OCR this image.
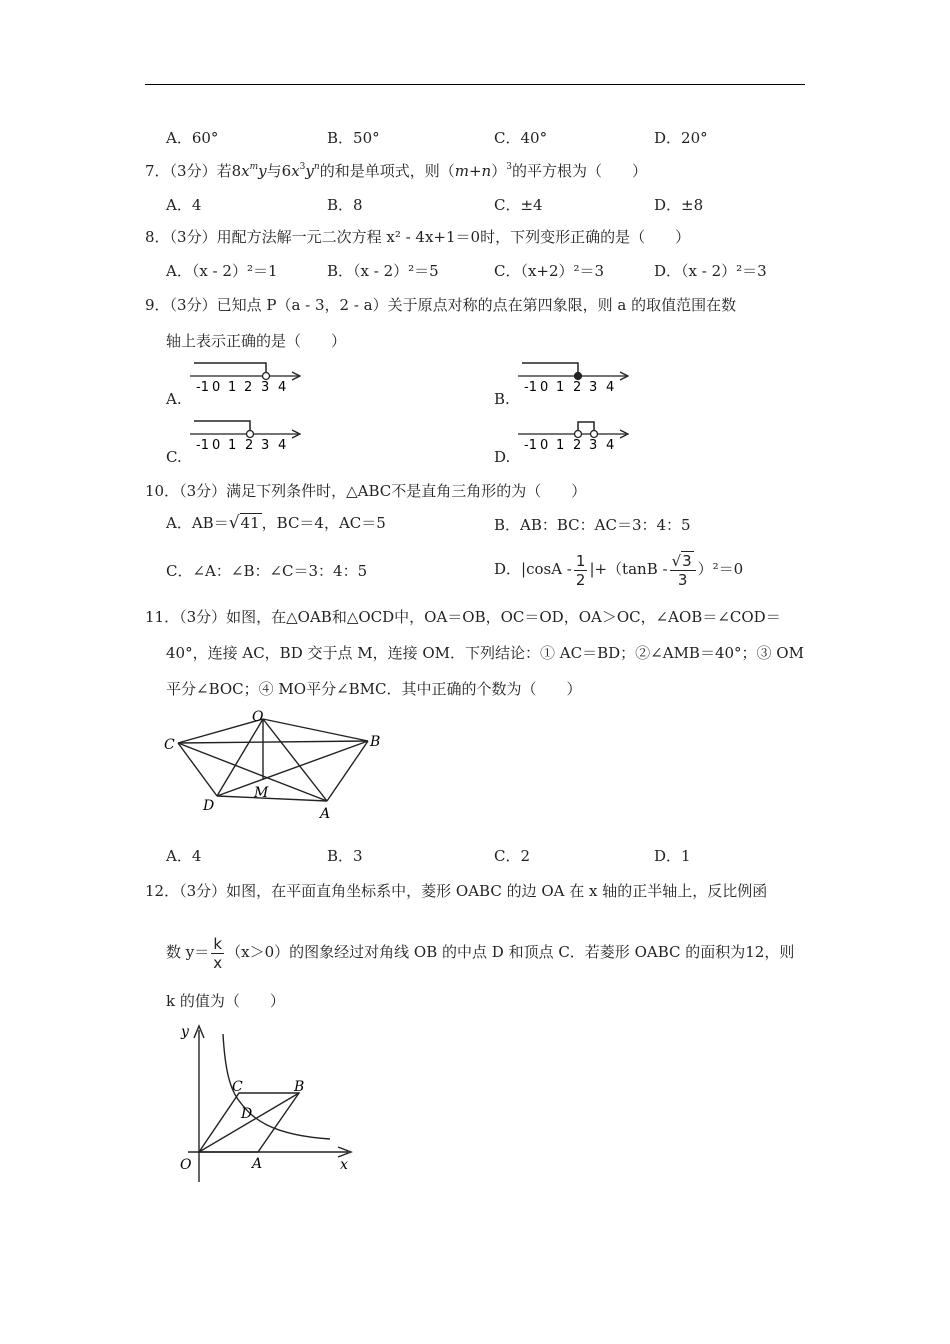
A．60°	B．50°	C．40°	D．20°
7．（3分）若$8x^my$与$6x^3y^n$的和是单项式，则$(m+n)^3$的平方根为（　　）
A．4	B．8	C．±4	D．±8
8．（3分）用配方法解一元二次方程 x² - 4x+1＝0时，下列变形正确的是（　　）
A．（x - 2）²＝1	B．（x - 2）²＝5	C．（x+2）²＝3	D．（x - 2）²＝3
9．（3分）已知点 P（a - 3，2 - a）关于原点对称的点在第四象限，则 a 的取值范围在数
轴上表示正确的是（　　）
A.	B.
C.	D.
-1 0 1 2 3 4	-1 0 1 2 3 4
-1 0 1 2 3 4	-1 0 1 2 3 4
10．（3分）满足下列条件时，△ABC不是直角三角形的为（　　）
A．AB＝√41 ，BC＝4，AC＝5	B．AB：BC：AC＝3：4：5
C．∠A：∠B：∠C＝3：4：5	D．$|\cos A - \frac{1}{2} |+(\tan B - \frac{√3}{3} )^2=0$
11．（3分）如图，在△OAB和△OCD中，OA＝OB，OC＝OD，OA＞OC，∠AOB＝∠COD＝
40°，连接 AC，BD 交于点 M，连接 OM．下列结论：① AC＝BD；②∠AMB＝40°；③ OM
平分∠BOC；④ MO平分∠BMC．其中正确的个数为（　　）
O
B
C
D
M
A
A．4	B．3	C．2	D．1
12．（3分）如图，在平面直角坐标系中，菱形 OABC 的边 OA 在 x 轴的正半轴上，反比例函
数 $y= \frac{k}{x} (x>0)$的图象经过对角线 OB 的中点 D 和顶点 C．若菱形 OABC 的面积为12，则
k 的值为（　　）
y
C	B
D
O	A	x
